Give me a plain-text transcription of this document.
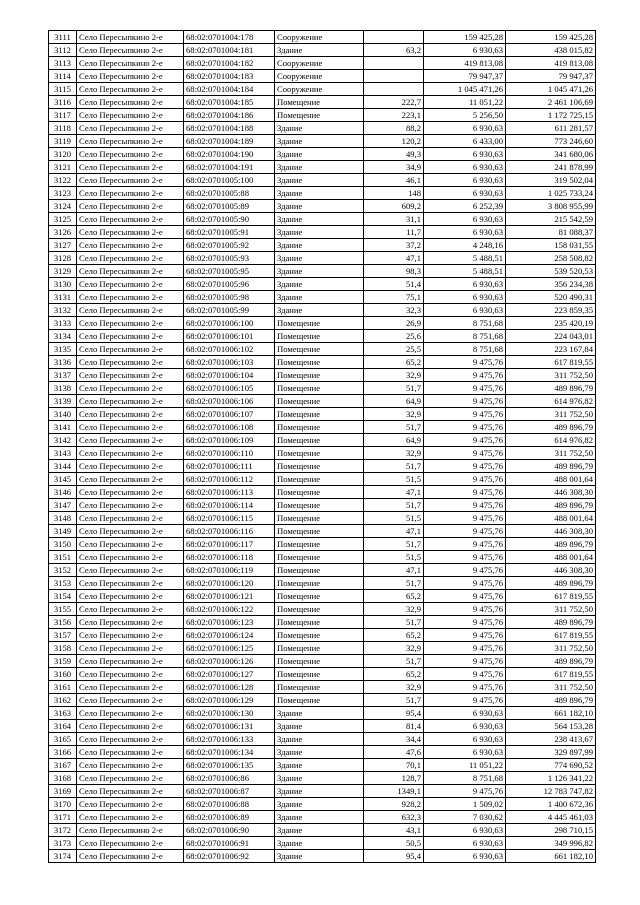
3111	Село Пересыпкино 2-е	68:02:0701004:178	Сооружение		159 425,28	159 425,28
3112	Село Пересыпкино 2-е	68:02:0701004:181	Здание	63,2	6 930,63	438 015,82
3113	Село Пересыпкино 2-е	68:02:0701004:182	Сооружение		419 813,08	419 813,08
3114	Село Пересыпкино 2-е	68:02:0701004:183	Сооружение		79 947,37	79 947,37
3115	Село Пересыпкино 2-е	68:02:0701004:184	Сооружение		1 045 471,26	1 045 471,26
3116	Село Пересыпкино 2-е	68:02:0701004:185	Помещение	222,7	11 051,22	2 461 106,69
3117	Село Пересыпкино 2-е	68:02:0701004:186	Помещение	223,1	5 256,50	1 172 725,15
3118	Село Пересыпкино 2-е	68:02:0701004:188	Здание	88,2	6 930,63	611 281,57
3119	Село Пересыпкино 2-е	68:02:0701004:189	Здание	120,2	6 433,00	773 246,60
3120	Село Пересыпкино 2-е	68:02:0701004:190	Здание	49,3	6 930,63	341 680,06
3121	Село Пересыпкино 2-е	68:02:0701004:191	Здание	34,9	6 930,63	241 878,99
3122	Село Пересыпкино 2-е	68:02:0701005:100	Здание	46,1	6 930,63	319 502,04
3123	Село Пересыпкино 2-е	68:02:0701005:88	Здание	148	6 930,63	1 025 733,24
3124	Село Пересыпкино 2-е	68:02:0701005:89	Здание	609,2	6 252,39	3 808 955,99
3125	Село Пересыпкино 2-е	68:02:0701005:90	Здание	31,1	6 930,63	215 542,59
3126	Село Пересыпкино 2-е	68:02:0701005:91	Здание	11,7	6 930,63	81 088,37
3127	Село Пересыпкино 2-е	68:02:0701005:92	Здание	37,2	4 248,16	158 031,55
3128	Село Пересыпкино 2-е	68:02:0701005:93	Здание	47,1	5 488,51	258 508,82
3129	Село Пересыпкино 2-е	68:02:0701005:95	Здание	98,3	5 488,51	539 520,53
3130	Село Пересыпкино 2-е	68:02:0701005:96	Здание	51,4	6 930,63	356 234,38
3131	Село Пересыпкино 2-е	68:02:0701005:98	Здание	75,1	6 930,63	520 490,31
3132	Село Пересыпкино 2-е	68:02:0701005:99	Здание	32,3	6 930,63	223 859,35
3133	Село Пересыпкино 2-е	68:02:0701006:100	Помещение	26,9	8 751,68	235 420,19
3134	Село Пересыпкино 2-е	68:02:0701006:101	Помещение	25,6	8 751,68	224 043,01
3135	Село Пересыпкино 2-е	68:02:0701006:102	Помещение	25,5	8 751,68	223 167,84
3136	Село Пересыпкино 2-е	68:02:0701006:103	Помещение	65,2	9 475,76	617 819,55
3137	Село Пересыпкино 2-е	68:02:0701006:104	Помещение	32,9	9 475,76	311 752,50
3138	Село Пересыпкино 2-е	68:02:0701006:105	Помещение	51,7	9 475,76	489 896,79
3139	Село Пересыпкино 2-е	68:02:0701006:106	Помещение	64,9	9 475,76	614 976,82
3140	Село Пересыпкино 2-е	68:02:0701006:107	Помещение	32,9	9 475,76	311 752,50
3141	Село Пересыпкино 2-е	68:02:0701006:108	Помещение	51,7	9 475,76	489 896,79
3142	Село Пересыпкино 2-е	68:02:0701006:109	Помещение	64,9	9 475,76	614 976,82
3143	Село Пересыпкино 2-е	68:02:0701006:110	Помещение	32,9	9 475,76	311 752,50
3144	Село Пересыпкино 2-е	68:02:0701006:111	Помещение	51,7	9 475,76	489 896,79
3145	Село Пересыпкино 2-е	68:02:0701006:112	Помещение	51,5	9 475,76	488 001,64
3146	Село Пересыпкино 2-е	68:02:0701006:113	Помещение	47,1	9 475,76	446 308,30
3147	Село Пересыпкино 2-е	68:02:0701006:114	Помещение	51,7	9 475,76	489 896,79
3148	Село Пересыпкино 2-е	68:02:0701006:115	Помещение	51,5	9 475,76	488 001,64
3149	Село Пересыпкино 2-е	68:02:0701006:116	Помещение	47,1	9 475,76	446 308,30
3150	Село Пересыпкино 2-е	68:02:0701006:117	Помещение	51,7	9 475,76	489 896,79
3151	Село Пересыпкино 2-е	68:02:0701006:118	Помещение	51,5	9 475,76	488 001,64
3152	Село Пересыпкино 2-е	68:02:0701006:119	Помещение	47,1	9 475,76	446 308,30
3153	Село Пересыпкино 2-е	68:02:0701006:120	Помещение	51,7	9 475,76	489 896,79
3154	Село Пересыпкино 2-е	68:02:0701006:121	Помещение	65,2	9 475,76	617 819,55
3155	Село Пересыпкино 2-е	68:02:0701006:122	Помещение	32,9	9 475,76	311 752,50
3156	Село Пересыпкино 2-е	68:02:0701006:123	Помещение	51,7	9 475,76	489 896,79
3157	Село Пересыпкино 2-е	68:02:0701006:124	Помещение	65,2	9 475,76	617 819,55
3158	Село Пересыпкино 2-е	68:02:0701006:125	Помещение	32,9	9 475,76	311 752,50
3159	Село Пересыпкино 2-е	68:02:0701006:126	Помещение	51,7	9 475,76	489 896,79
3160	Село Пересыпкино 2-е	68:02:0701006:127	Помещение	65,2	9 475,76	617 819,55
3161	Село Пересыпкино 2-е	68:02:0701006:128	Помещение	32,9	9 475,76	311 752,50
3162	Село Пересыпкино 2-е	68:02:0701006:129	Помещение	51,7	9 475,76	489 896,79
3163	Село Пересыпкино 2-е	68:02:0701006:130	Здание	95,4	6 930,63	661 182,10
3164	Село Пересыпкино 2-е	68:02:0701006:131	Здание	81,4	6 930,63	564 153,28
3165	Село Пересыпкино 2-е	68:02:0701006:133	Здание	34,4	6 930,63	238 413,67
3166	Село Пересыпкино 2-е	68:02:0701006:134	Здание	47,6	6 930,63	329 897,99
3167	Село Пересыпкино 2-е	68:02:0701006:135	Здание	70,1	11 051,22	774 690,52
3168	Село Пересыпкино 2-е	68:02:0701006:86	Здание	128,7	8 751,68	1 126 341,22
3169	Село Пересыпкино 2-е	68:02:0701006:87	Здание	1349,1	9 475,76	12 783 747,82
3170	Село Пересыпкино 2-е	68:02:0701006:88	Здание	928,2	1 509,02	1 400 672,36
3171	Село Пересыпкино 2-е	68:02:0701006:89	Здание	632,3	7 030,62	4 445 461,03
3172	Село Пересыпкино 2-е	68:02:0701006:90	Здание	43,1	6 930,63	298 710,15
3173	Село Пересыпкино 2-е	68:02:0701006:91	Здание	50,5	6 930,63	349 996,82
3174	Село Пересыпкино 2-е	68:02:0701006:92	Здание	95,4	6 930,63	661 182,10
